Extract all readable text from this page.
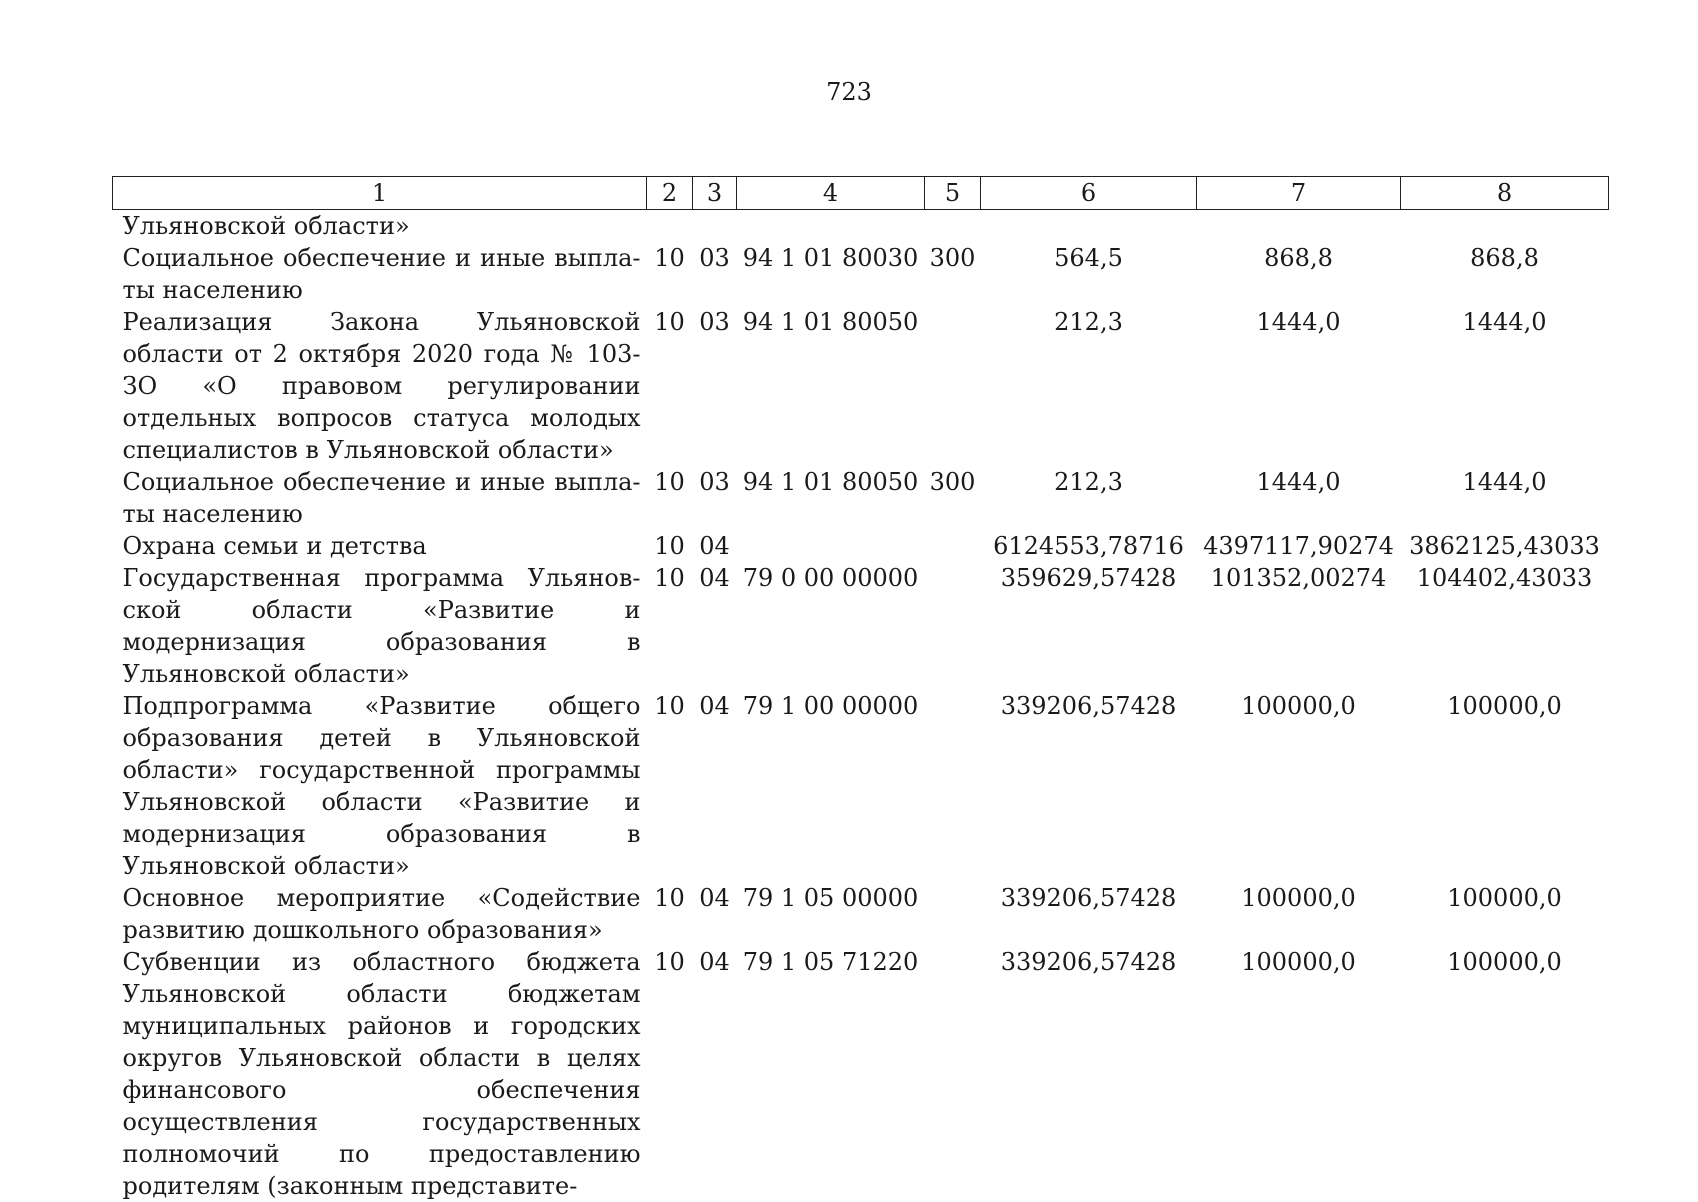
723
1	2	3	4	5	6	7	8
Ульяновской области»							
Социальное обеспечение и иные выплаты населению	10	03	94 1 01 80030	300	564,5	868,8	868,8
Реализация Закона Ульяновской области от 2 октября 2020 года № 103-ЗО «О правовом регулировании отдельных вопросов статуса молодых специалистов в Ульяновской области»	10	03	94 1 01 80050		212,3	1444,0	1444,0
Социальное обеспечение и иные выплаты населению	10	03	94 1 01 80050	300	212,3	1444,0	1444,0
Охрана семьи и детства	10	04			6124553,78716	4397117,90274	3862125,43033
Государственная программа Ульяновской области «Развитие и модернизация образования в Ульяновской области»	10	04	79 0 00 00000		359629,57428	101352,00274	104402,43033
Подпрограмма «Развитие общего образования детей в Ульяновской области» государственной программы Ульяновской области «Развитие и модернизация образования в Ульяновской области»	10	04	79 1 00 00000		339206,57428	100000,0	100000,0
Основное мероприятие «Содействие развитию дошкольного образования»	10	04	79 1 05 00000		339206,57428	100000,0	100000,0
Субвенции из областного бюджета Ульяновской области бюджетам муниципальных районов и городских округов Ульяновской области в целях финансового обеспечения осуществления государственных полномочий по предоставлению родителям (законным представите-	10	04	79 1 05 71220		339206,57428	100000,0	100000,0
